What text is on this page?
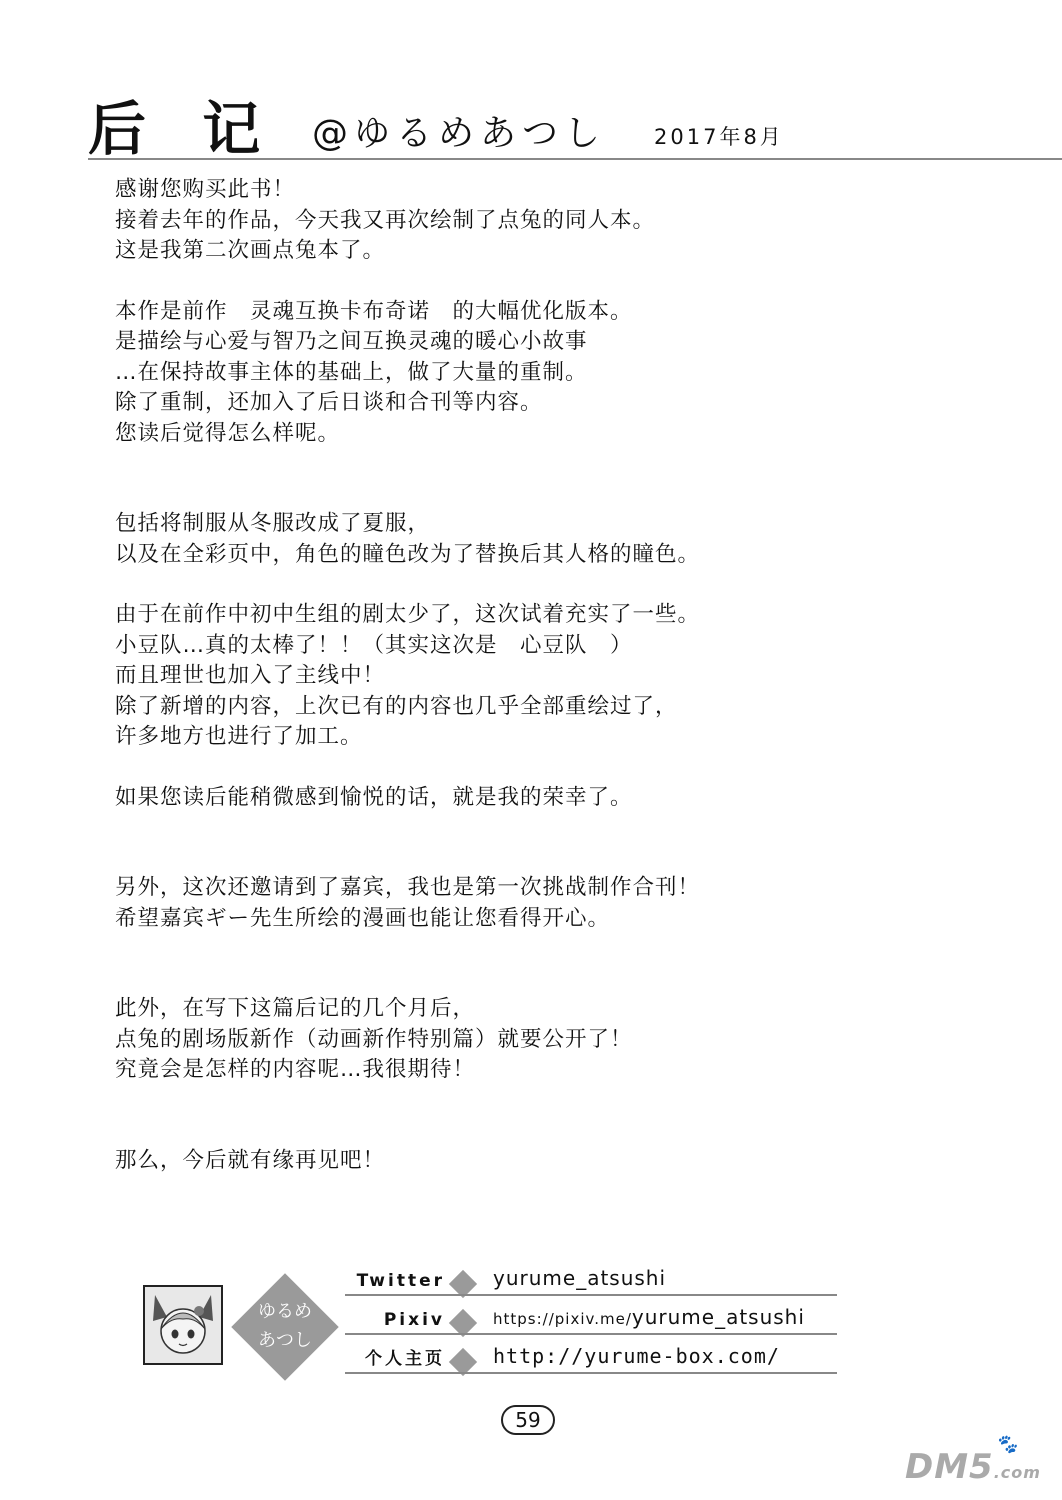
后 记 @ゆるめあつし 2017年8月

感谢您购买此书！

接着去年的作品，今天我又再次绘制了点兔的同人本。

这是我第二次画点兔本了。

本作是前作　灵魂互换卡布奇诺　的大幅优化版本。

是描绘与心爱与智乃之间互换灵魂的暖心小故事

…在保持故事主体的基础上，做了大量的重制。

除了重制，还加入了后日谈和合刊等内容。

您读后觉得怎么样呢。

包括将制服从冬服改成了夏服，

以及在全彩页中，角色的瞳色改为了替换后其人格的瞳色。

由于在前作中初中生组的剧太少了，这次试着充实了一些。

小豆队…真的太棒了！！（其实这次是　心豆队　）

而且理世也加入了主线中！

除了新增的内容，上次已有的内容也几乎全部重绘过了，

许多地方也进行了加工。

如果您读后能稍微感到愉悦的话，就是我的荣幸了。

另外，这次还邀请到了嘉宾，我也是第一次挑战制作合刊！

希望嘉宾ギー先生所绘的漫画也能让您看得开心。

此外，在写下这篇后记的几个月后，

点兔的剧场版新作（动画新作特别篇）就要公开了！

究竟会是怎样的内容呢…我很期待！

那么，今后就有缘再见吧！

ゆるめ
あつし
Twitter yurume_atsushi
Pixiv	https://pixiv.me/yurume_atsushi
个人主页 http://yurume-box.com/
59
DM5.com
🐾
